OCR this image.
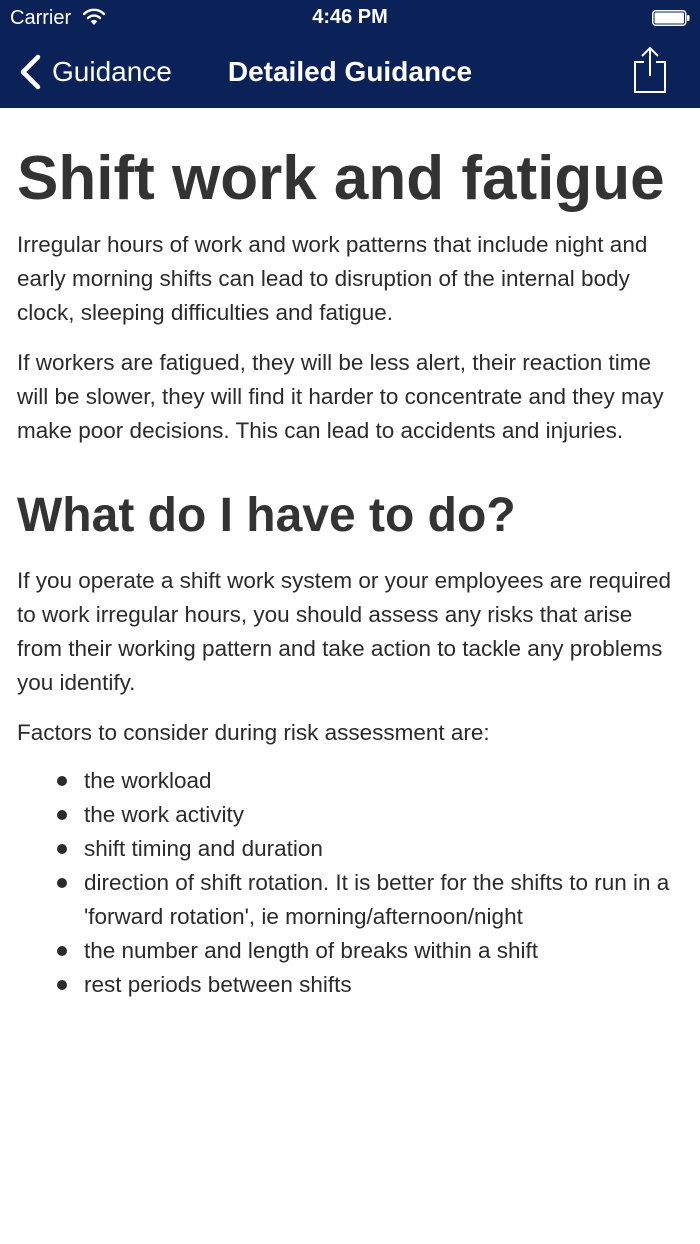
Carrier	4:46 PM
Guidance	Detailed Guidance
Shift work and fatigue

Irregular hours of work and work patterns that include night and early morning shifts can lead to disruption of the internal body clock, sleeping difficulties and fatigue.

If workers are fatigued, they will be less alert, their reaction time will be slower, they will find it harder to concentrate and they may make poor decisions. This can lead to accidents and injuries.

What do I have to do?

If you operate a shift work system or your employees are required to work irregular hours, you should assess any risks that arise from their working pattern and take action to tackle any problems you identify.

Factors to consider during risk assessment are:

the workload
the work activity
shift timing and duration
direction of shift rotation. It is better for the shifts to run in a 'forward rotation', ie morning/afternoon/night
the number and length of breaks within a shift
rest periods between shifts
